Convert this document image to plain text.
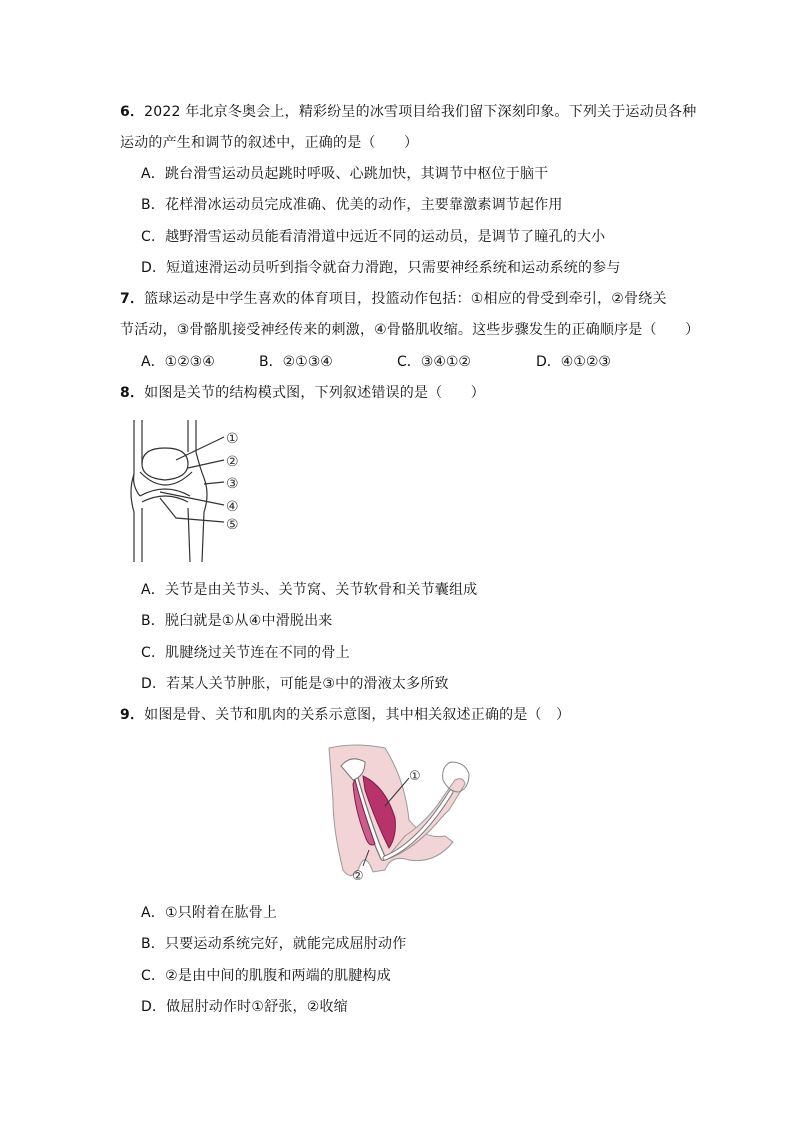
6．2022 年北京冬奥会上，精彩纷呈的冰雪项目给我们留下深刻印象。下列关于运动员各种
运动的产生和调节的叙述中，正确的是（　　）
A．跳台滑雪运动员起跳时呼吸、心跳加快，其调节中枢位于脑干
B．花样滑冰运动员完成准确、优美的动作，主要靠激素调节起作用
C．越野滑雪运动员能看清滑道中远近不同的运动员，是调节了瞳孔的大小
D．短道速滑运动员听到指令就奋力滑跑，只需要神经系统和运动系统的参与
7．篮球运动是中学生喜欢的体育项目，投篮动作包括：①相应的骨受到牵引，②骨绕关
节活动，③骨骼肌接受神经传来的刺激，④骨骼肌收缩。这些步骤发生的正确顺序是（　　）
A．①②③④	B．②①③④	C．③④①②	D．④①②③
8．如图是关节的结构模式图，下列叙述错误的是（　　）
①
②
③
④
⑤
A．关节是由关节头、关节窝、关节软骨和关节囊组成
B．脱臼就是①从④中滑脱出来
C．肌腱绕过关节连在不同的骨上
D．若某人关节肿胀，可能是③中的滑液太多所致
9．如图是骨、关节和肌肉的关系示意图，其中相关叙述正确的是（　）
①
②
A．①只附着在肱骨上
B．只要运动系统完好，就能完成屈肘动作
C．②是由中间的肌腹和两端的肌腱构成
D．做屈肘动作时①舒张，②收缩
